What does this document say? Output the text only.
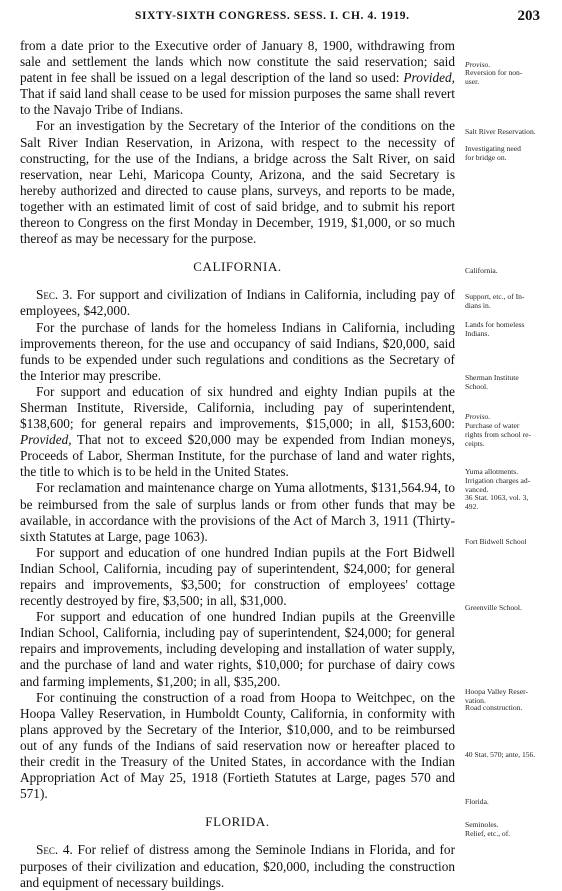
SIXTY-SIXTH CONGRESS. SESS. I. CH. 4. 1919.	203

from a date prior to the Executive order of January 8, 1900, withdrawing from sale and settlement the lands which now constitute the said reservation; said patent in fee shall be issued on a legal description of the land so used: Provided, That if said land shall cease to be used for mission purposes the same shall revert to the Navajo Tribe of Indians.

For an investigation by the Secretary of the Interior of the conditions on the Salt River Indian Reservation, in Arizona, with respect to the necessity of constructing, for the use of the Indians, a bridge across the Salt River, on said reservation, near Lehi, Maricopa County, Arizona, and the said Secretary is hereby authorized and directed to cause plans, surveys, and reports to be made, together with an estimated limit of cost of said bridge, and to submit his report thereon to Congress on the first Monday in December, 1919, $1,000, or so much thereof as may be necessary for the purpose.

CALIFORNIA.

Sec. 3. For support and civilization of Indians in California, including pay of employees, $42,000.

For the purchase of lands for the homeless Indians in California, including improvements thereon, for the use and occupancy of said Indians, $20,000, said funds to be expended under such regulations and conditions as the Secretary of the Interior may prescribe.

For support and education of six hundred and eighty Indian pupils at the Sherman Institute, Riverside, California, including pay of superintendent, $138,600; for general repairs and improvements, $15,000; in all, $153,600: Provided, That not to exceed $20,000 may be expended from Indian moneys, Proceeds of Labor, Sherman Institute, for the purchase of land and water rights, the title to which is to be held in the United States.

For reclamation and maintenance charge on Yuma allotments, $131,564.94, to be reimbursed from the sale of surplus lands or from other funds that may be available, in accordance with the provisions of the Act of March 3, 1911 (Thirty-sixth Statutes at Large, page 1063).

For support and education of one hundred Indian pupils at the Fort Bidwell Indian School, California, incuding pay of superintendent, $24,000; for general repairs and improvements, $3,500; for construction of employees' cottage recently destroyed by fire, $3,500; in all, $31,000.

For support and education of one hundred Indian pupils at the Greenville Indian School, California, including pay of superintendent, $24,000; for general repairs and improvements, including developing and installation of water supply, and the purchase of land and water rights, $10,000; for purchase of dairy cows and farming implements, $1,200; in all, $35,200.

For continuing the construction of a road from Hoopa to Weitchpec, on the Hoopa Valley Reservation, in Humboldt County, California, in conformity with plans approved by the Secretary of the Interior, $10,000, and to be reimbursed out of any funds of the Indians of said reservation now or hereafter placed to their credit in the Treasury of the United States, in accordance with the Indian Appropriation Act of May 25, 1918 (Fortieth Statutes at Large, pages 570 and 571).

FLORIDA.

Sec. 4. For relief of distress among the Seminole Indians in Florida, and for purposes of their civilization and education, $20,000, including the construction and equipment of necessary buildings.

Proviso.
Reversion for non-
user.
Salt River Reservation.
Investigating need
for bridge on.
California.
Support, etc., of In-
dians in.
Lands for homeless
Indians.
Sherman Institute
School.
Proviso.
Purchase of water
rights from school re-
ceipts.
Yuma allotments.
Irrigation charges ad-
vanced.
36 Stat. 1063, vol. 3,
492.
Fort Bidwell School
Greenville School.
Hoopa Valley Reser-
vation.
Road construction.
40 Stat. 570; ante, 156.
Florida.
Seminoles.
Relief, etc., of.
